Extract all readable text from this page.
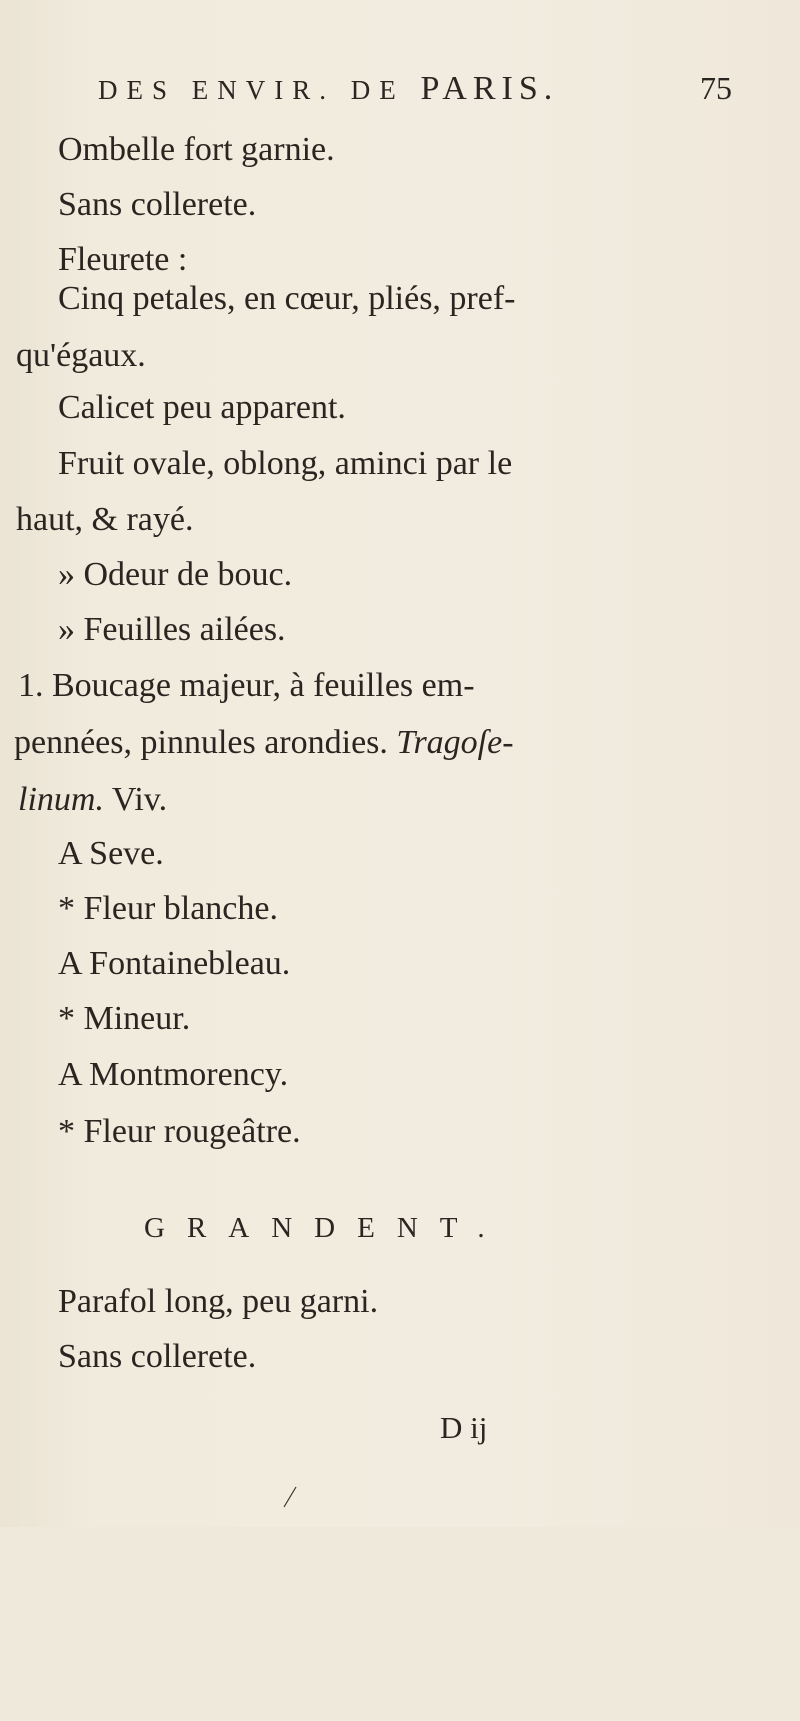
DES ENVIR. DE PARIS.	75
Ombelle fort garnie.
Sans collerete.
Fleurete :
Cinq petales, en cœur, pliés, pref-
qu'égaux.
Calicet peu apparent.
Fruit ovale, oblong, aminci par le
haut, & rayé.
» Odeur de bouc.
» Feuilles ailées.
1. Boucage majeur, à feuilles em-
pennées, pinnules arondies. Tragoſe-
linum. Viv.
A Seve.
* Fleur blanche.
A Fontainebleau.
* Mineur.
A Montmorency.
* Fleur rougeâtre.
GRANDENT.
Parafol long, peu garni.
Sans collerete.
D ij
